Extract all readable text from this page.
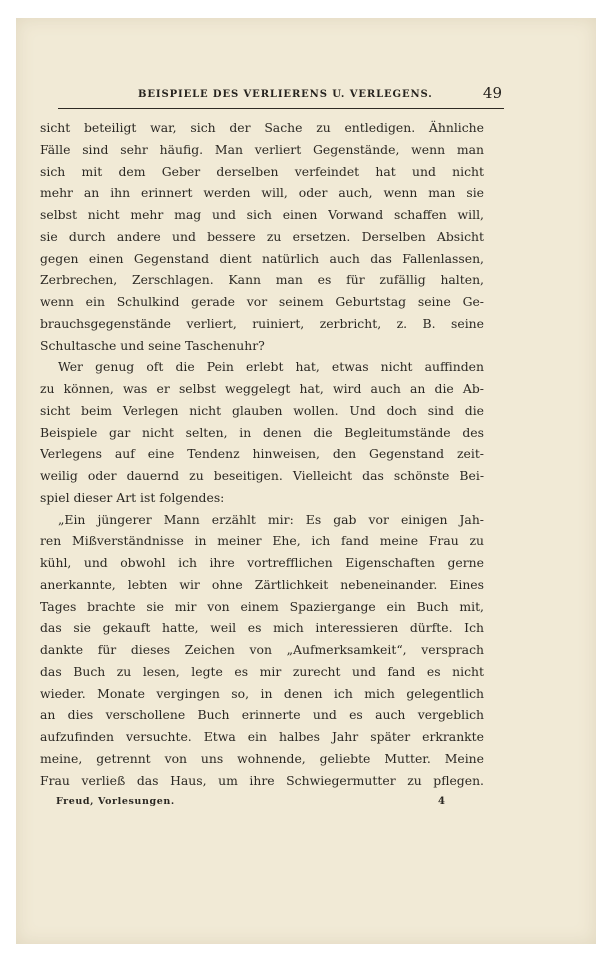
BEISPIELE DES VERLIERENS U. VERLEGENS.	49
sicht beteiligt war, sich der Sache zu entledigen. Ähnliche
Fälle sind sehr häufig. Man verliert Gegenstände, wenn man
sich mit dem Geber derselben verfeindet hat und nicht
mehr an ihn erinnert werden will, oder auch, wenn man sie
selbst nicht mehr mag und sich einen Vorwand schaffen will,
sie durch andere und bessere zu ersetzen. Derselben Absicht
gegen einen Gegenstand dient natürlich auch das Fallenlassen,
Zerbrechen, Zerschlagen. Kann man es für zufällig halten,
wenn ein Schulkind gerade vor seinem Geburtstag seine Ge-
brauchsgegenstände verliert, ruiniert, zerbricht, z. B. seine
Schultasche und seine Taschenuhr?
Wer genug oft die Pein erlebt hat, etwas nicht auffinden
zu können, was er selbst weggelegt hat, wird auch an die Ab-
sicht beim Verlegen nicht glauben wollen. Und doch sind die
Beispiele gar nicht selten, in denen die Begleitumstände des
Verlegens auf eine Tendenz hinweisen, den Gegenstand zeit-
weilig oder dauernd zu beseitigen. Vielleicht das schönste Bei-
spiel dieser Art ist folgendes:
„Ein jüngerer Mann erzählt mir: Es gab vor einigen Jah-
ren Mißverständnisse in meiner Ehe, ich fand meine Frau zu
kühl, und obwohl ich ihre vortrefflichen Eigenschaften gerne
anerkannte, lebten wir ohne Zärtlichkeit nebeneinander. Eines
Tages brachte sie mir von einem Spaziergange ein Buch mit,
das sie gekauft hatte, weil es mich interessieren dürfte. Ich
dankte für dieses Zeichen von „Aufmerksamkeit“, versprach
das Buch zu lesen, legte es mir zurecht und fand es nicht
wieder. Monate vergingen so, in denen ich mich gelegentlich
an dies verschollene Buch erinnerte und es auch vergeblich
aufzufinden versuchte. Etwa ein halbes Jahr später erkrankte
meine, getrennt von uns wohnende, geliebte Mutter. Meine
Frau verließ das Haus, um ihre Schwiegermutter zu pflegen.
Freud, Vorlesungen.	4
